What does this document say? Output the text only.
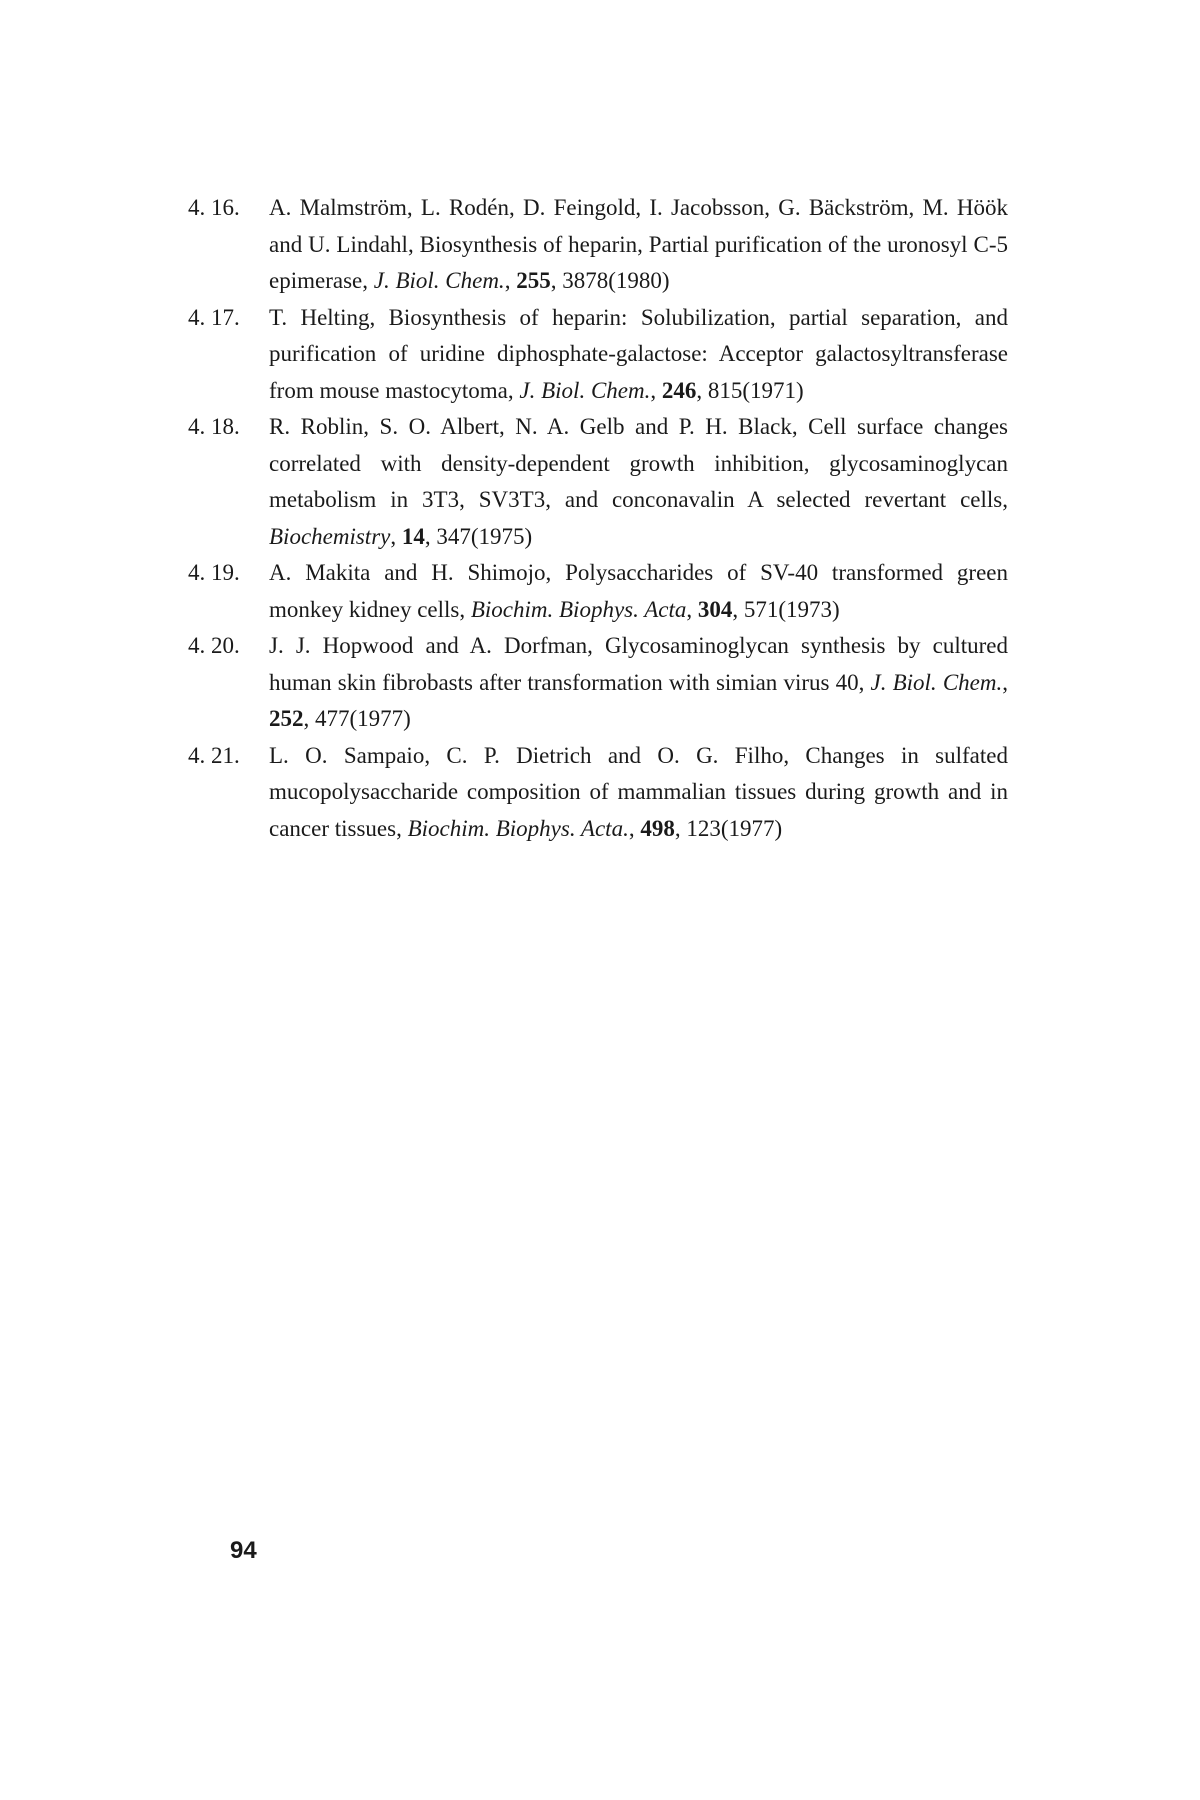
4. 16.	A. Malmström, L. Rodén, D. Feingold, I. Jacobsson, G. Bäckström, M. Höök and U. Lindahl, Biosynthesis of heparin, Partial purification of the uronosyl C-5 epimerase, J. Biol. Chem., 255, 3878(1980)
4. 17.	T. Helting, Biosynthesis of heparin: Solubilization, partial separation, and purification of uridine diphosphate-galactose: Acceptor galactosyltransferase from mouse mastocytoma, J. Biol. Chem., 246, 815(1971)
4. 18.	R. Roblin, S. O. Albert, N. A. Gelb and P. H. Black, Cell surface changes correlated with density-dependent growth inhibition, glycosaminoglycan metabolism in 3T3, SV3T3, and conconavalin A selected revertant cells, Biochemistry, 14, 347(1975)
4. 19.	A. Makita and H. Shimojo, Polysaccharides of SV-40 transformed green monkey kidney cells, Biochim. Biophys. Acta, 304, 571(1973)
4. 20.	J. J. Hopwood and A. Dorfman, Glycosaminoglycan synthesis by cultured human skin fibrobasts after transformation with simian virus 40, J. Biol. Chem., 252, 477(1977)
4. 21.	L. O. Sampaio, C. P. Dietrich and O. G. Filho, Changes in sulfated mucopolysaccharide composition of mammalian tissues during growth and in cancer tissues, Biochim. Biophys. Acta., 498, 123(1977)
94
